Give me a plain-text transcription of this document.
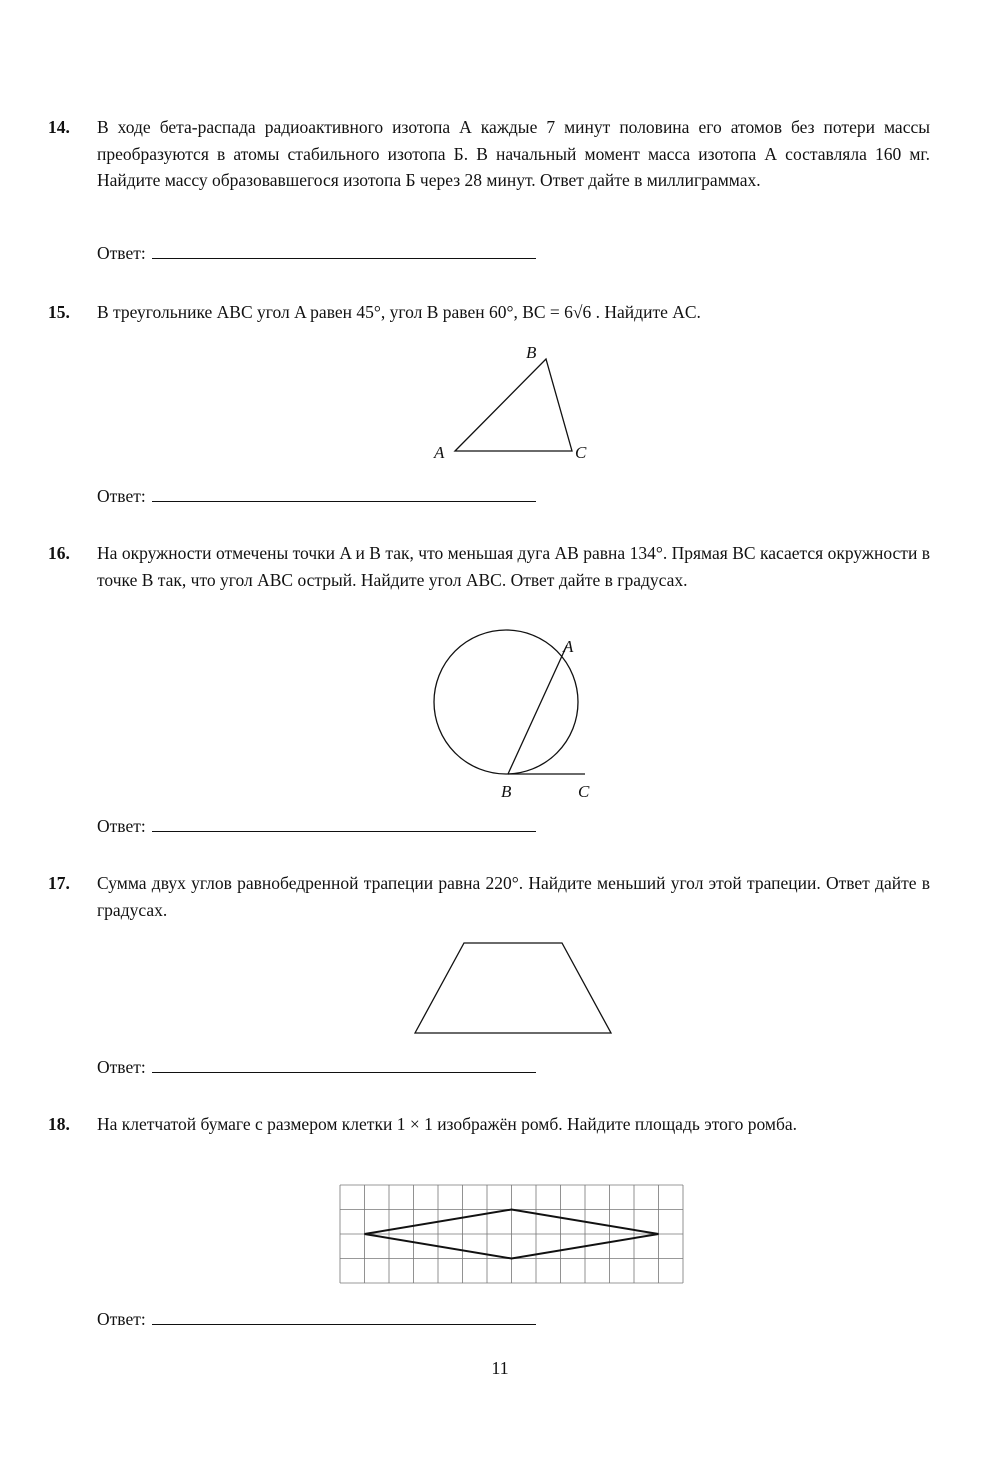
14. В ходе бета-распада радиоактивного изотопа А каждые 7 минут половина его атомов без потери массы преобразуются в атомы стабильного изотопа Б. В начальный момент масса изотопа А составляла 160 мг. Найдите массу образовавшегося изотопа Б через 28 минут. Ответ дайте в миллиграммах.
Ответ:
15. В треугольнике ABC угол A равен 45°, угол B равен 60°, BC = 6√6 . Найдите AC.
Ответ:
16. На окружности отмечены точки A и B так, что меньшая дуга AB равна 134°. Прямая BC касается окружности в точке B так, что угол ABC острый. Найдите угол ABC. Ответ дайте в градусах.
Ответ:
17. Сумма двух углов равнобедренной трапеции равна 220°. Найдите меньший угол этой трапеции. Ответ дайте в градусах.
Ответ:
18. На клетчатой бумаге с размером клетки 1 × 1 изображён ромб. Найдите площадь этого ромба.
Ответ:
A
B
C
A
B	C
11
